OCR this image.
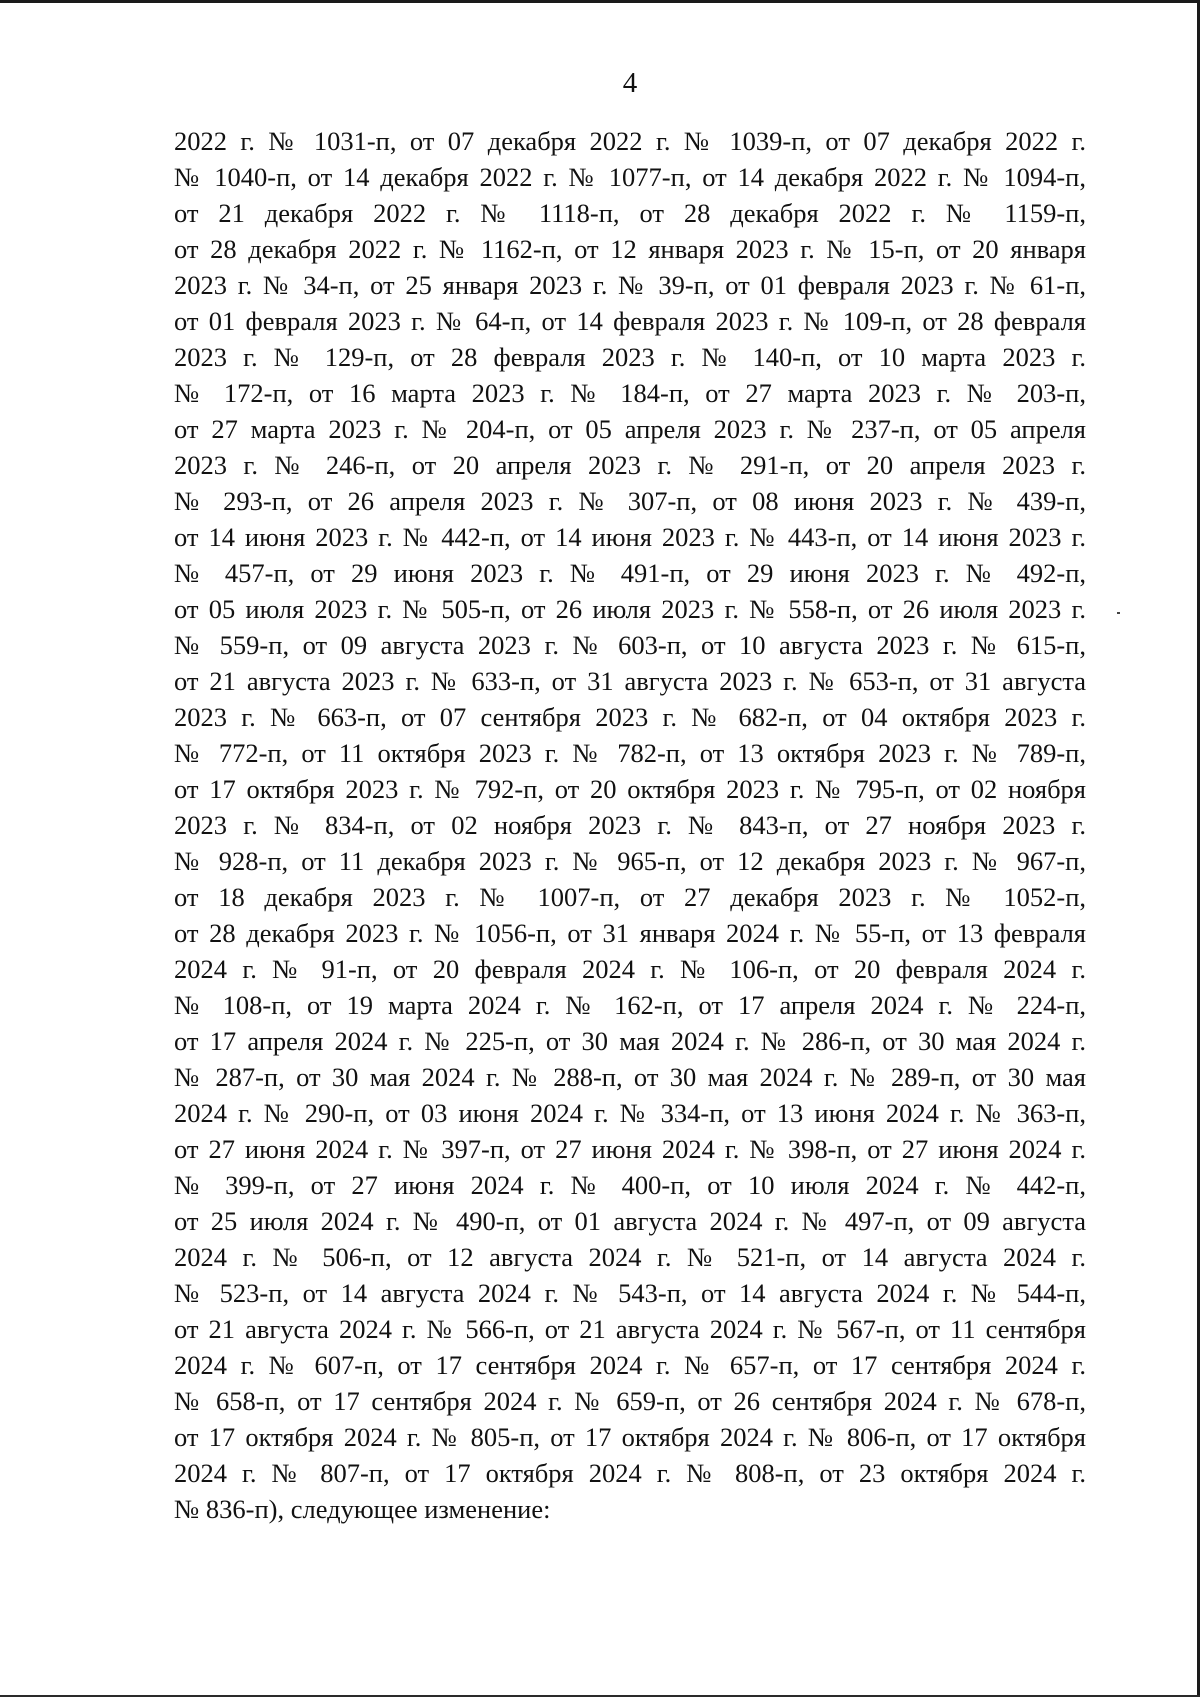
4
2022 г. № 1031-п, от 07 декабря 2022 г. № 1039-п, от 07 декабря 2022 г.
№ 1040-п, от 14 декабря 2022 г. № 1077-п, от 14 декабря 2022 г. № 1094-п,
от 21 декабря 2022 г. № 1118-п, от 28 декабря 2022 г. № 1159-п,
от 28 декабря 2022 г. № 1162-п, от 12 января 2023 г. № 15-п, от 20 января
2023 г. № 34-п, от 25 января 2023 г. № 39-п, от 01 февраля 2023 г. № 61-п,
от 01 февраля 2023 г. № 64-п, от 14 февраля 2023 г. № 109-п, от 28 февраля
2023 г. № 129-п, от 28 февраля 2023 г. № 140-п, от 10 марта 2023 г.
№ 172-п, от 16 марта 2023 г. № 184-п, от 27 марта 2023 г. № 203-п,
от 27 марта 2023 г. № 204-п, от 05 апреля 2023 г. № 237-п, от 05 апреля
2023 г. № 246-п, от 20 апреля 2023 г. № 291-п, от 20 апреля 2023 г.
№ 293-п, от 26 апреля 2023 г. № 307-п, от 08 июня 2023 г. № 439-п,
от 14 июня 2023 г. № 442-п, от 14 июня 2023 г. № 443-п, от 14 июня 2023 г.
№ 457-п, от 29 июня 2023 г. № 491-п, от 29 июня 2023 г. № 492-п,
от 05 июля 2023 г. № 505-п, от 26 июля 2023 г. № 558-п, от 26 июля 2023 г.
№ 559-п, от 09 августа 2023 г. № 603-п, от 10 августа 2023 г. № 615-п,
от 21 августа 2023 г. № 633-п, от 31 августа 2023 г. № 653-п, от 31 августа
2023 г. № 663-п, от 07 сентября 2023 г. № 682-п, от 04 октября 2023 г.
№ 772-п, от 11 октября 2023 г. № 782-п, от 13 октября 2023 г. № 789-п,
от 17 октября 2023 г. № 792-п, от 20 октября 2023 г. № 795-п, от 02 ноября
2023 г. № 834-п, от 02 ноября 2023 г. № 843-п, от 27 ноября 2023 г.
№ 928-п, от 11 декабря 2023 г. № 965-п, от 12 декабря 2023 г. № 967-п,
от 18 декабря 2023 г. № 1007-п, от 27 декабря 2023 г. № 1052-п,
от 28 декабря 2023 г. № 1056-п, от 31 января 2024 г. № 55-п, от 13 февраля
2024 г. № 91-п, от 20 февраля 2024 г. № 106-п, от 20 февраля 2024 г.
№ 108-п, от 19 марта 2024 г. № 162-п, от 17 апреля 2024 г. № 224-п,
от 17 апреля 2024 г. № 225-п, от 30 мая 2024 г. № 286-п, от 30 мая 2024 г.
№ 287-п, от 30 мая 2024 г. № 288-п, от 30 мая 2024 г. № 289-п, от 30 мая
2024 г. № 290-п, от 03 июня 2024 г. № 334-п, от 13 июня 2024 г. № 363-п,
от 27 июня 2024 г. № 397-п, от 27 июня 2024 г. № 398-п, от 27 июня 2024 г.
№ 399-п, от 27 июня 2024 г. № 400-п, от 10 июля 2024 г. № 442-п,
от 25 июля 2024 г. № 490-п, от 01 августа 2024 г. № 497-п, от 09 августа
2024 г. № 506-п, от 12 августа 2024 г. № 521-п, от 14 августа 2024 г.
№ 523-п, от 14 августа 2024 г. № 543-п, от 14 августа 2024 г. № 544-п,
от 21 августа 2024 г. № 566-п, от 21 августа 2024 г. № 567-п, от 11 сентября
2024 г. № 607-п, от 17 сентября 2024 г. № 657-п, от 17 сентября 2024 г.
№ 658-п, от 17 сентября 2024 г. № 659-п, от 26 сентября 2024 г. № 678-п,
от 17 октября 2024 г. № 805-п, от 17 октября 2024 г. № 806-п, от 17 октября
2024 г. № 807-п, от 17 октября 2024 г. № 808-п, от 23 октября 2024 г.
№ 836-п), следующее изменение:
